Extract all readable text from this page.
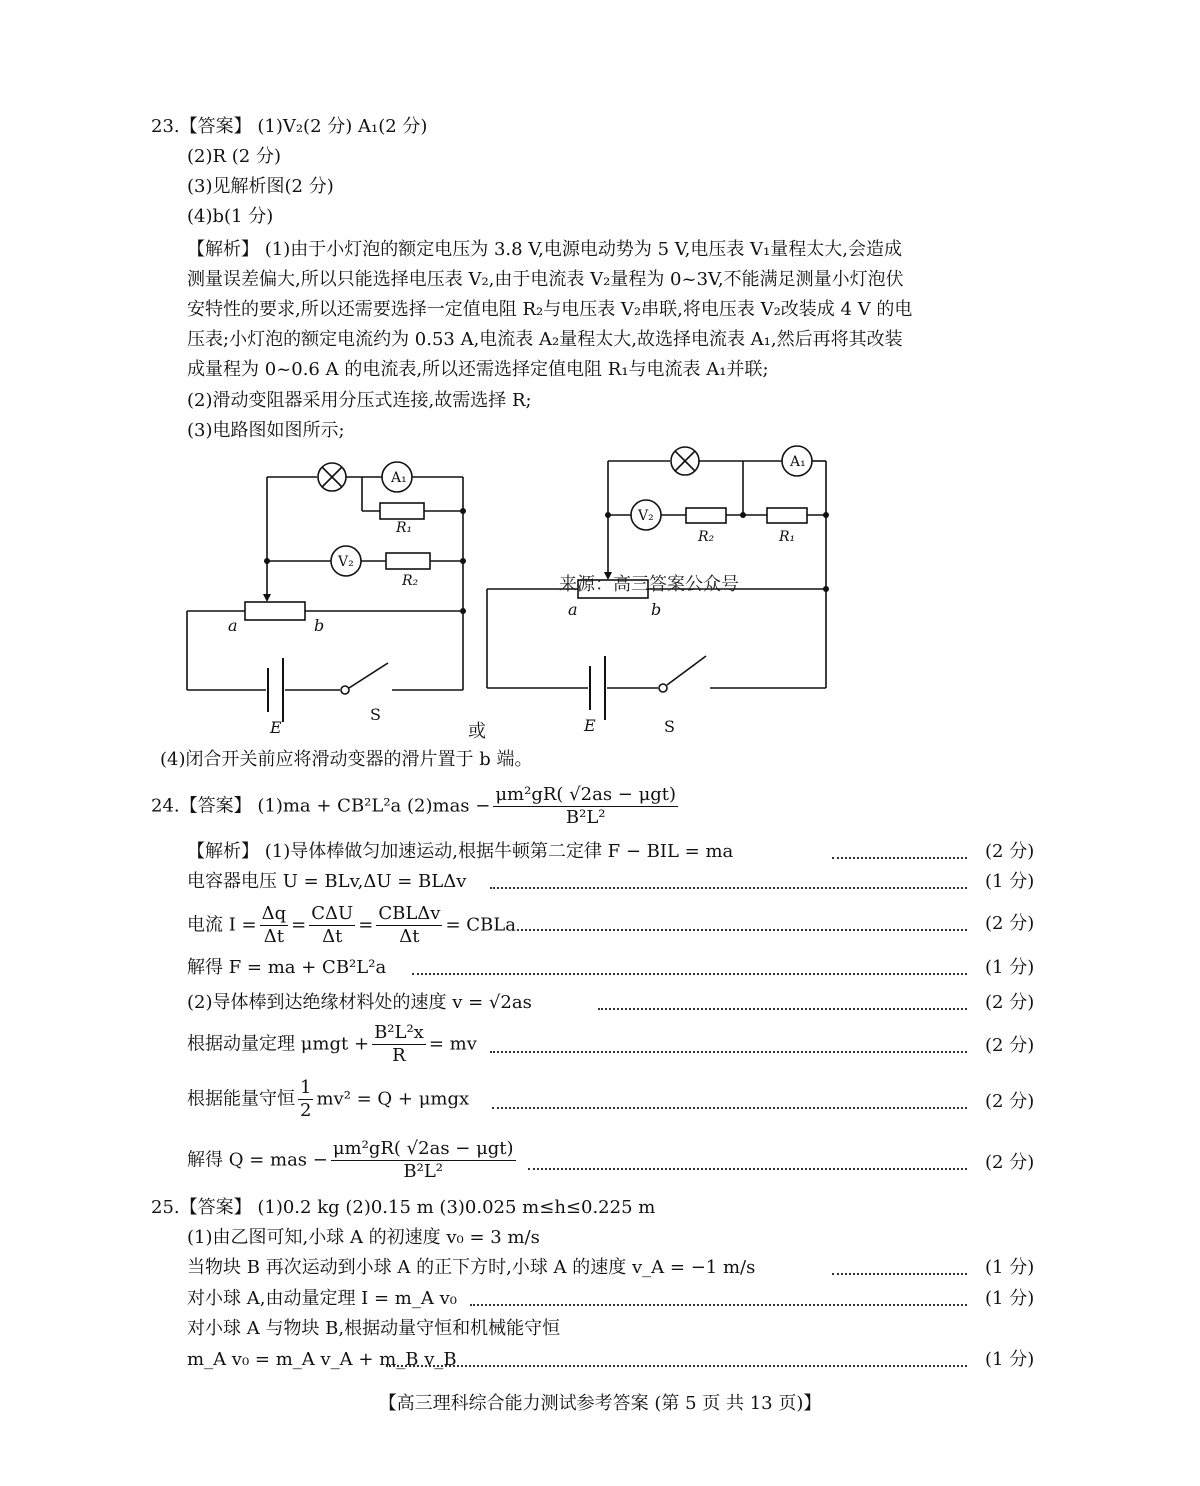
23.【答案】 (1)V₂(2 分) A₁(2 分)
(2)R (2 分)
(3)见解析图(2 分)
(4)b(1 分)
【解析】 (1)由于小灯泡的额定电压为 3.8 V,电源电动势为 5 V,电压表 V₁量程太大,会造成
测量误差偏大,所以只能选择电压表 V₂,由于电流表 V₂量程为 0~3V,不能满足测量小灯泡伏
安特性的要求,所以还需要选择一定值电阻 R₂与电压表 V₂串联,将电压表 V₂改装成 4 V 的电
压表;小灯泡的额定电流约为 0.53 A,电流表 A₂量程太大,故选择电流表 A₁,然后再将其改装
成量程为 0~0.6 A 的电流表,所以还需选择定值电阻 R₁与电流表 A₁并联;
(2)滑动变阻器采用分压式连接,故需选择 R;
(3)电路图如图所示;
A₁
V₂
R₁
R₂
a	b
E
S
或
A₁
V₂
R₂	R₁
a	b
E	S
来源：高三答案公众号
(4)闭合开关前应将滑动变器的滑片置于 b 端。
24.【答案】 (1)ma + CB²L²a $(2)mas - \frac{\text{μm²gR( √2as − μgt)}}{\text{B²L²}}$
【解析】 (1)导体棒做匀加速运动,根据牛顿第二定律 F − BIL = ma	(2 分)
电容器电压 U = BLv,ΔU = BLΔv	(1 分)
电流 $I = \frac{\Delta q}{\Delta t} = \frac{\text{CΔU}}{\Delta t} = \frac{\text{CBLΔv}}{\Delta t}$ = CBLa	(2 分)
解得 F = ma + CB²L²a	(1 分)
(2)导体棒到达绝缘材料处的速度 v = √2as	(2 分)
根据动量定理 $\mu mgt + \frac{\text{B²L²x}}{R}$ = mv	(2 分)
根据能量守恒 $\frac{1}{2} mv^2 = Q + \mu mgx$	(2 分)
解得 Q = mas − $\frac{\text{μm²gR( √2as − μgt)}}{\text{B²L²}}$	(2 分)
25.【答案】 (1)0.2 kg (2)0.15 m (3)0.025 m≤h≤0.225 m
(1)由乙图可知,小球 A 的初速度 v₀ = 3 m/s
当物块 B 再次运动到小球 A 的正下方时,小球 A 的速度 v_A = −1 m/s	(1 分)
对小球 A,由动量定理 I = m_A v₀	(1 分)
对小球 A 与物块 B,根据动量守恒和机械能守恒
m_A v₀ = m_A v_A + m_B v_B	(1 分)
【高三理科综合能力测试参考答案 (第 5 页 共 13 页)】
